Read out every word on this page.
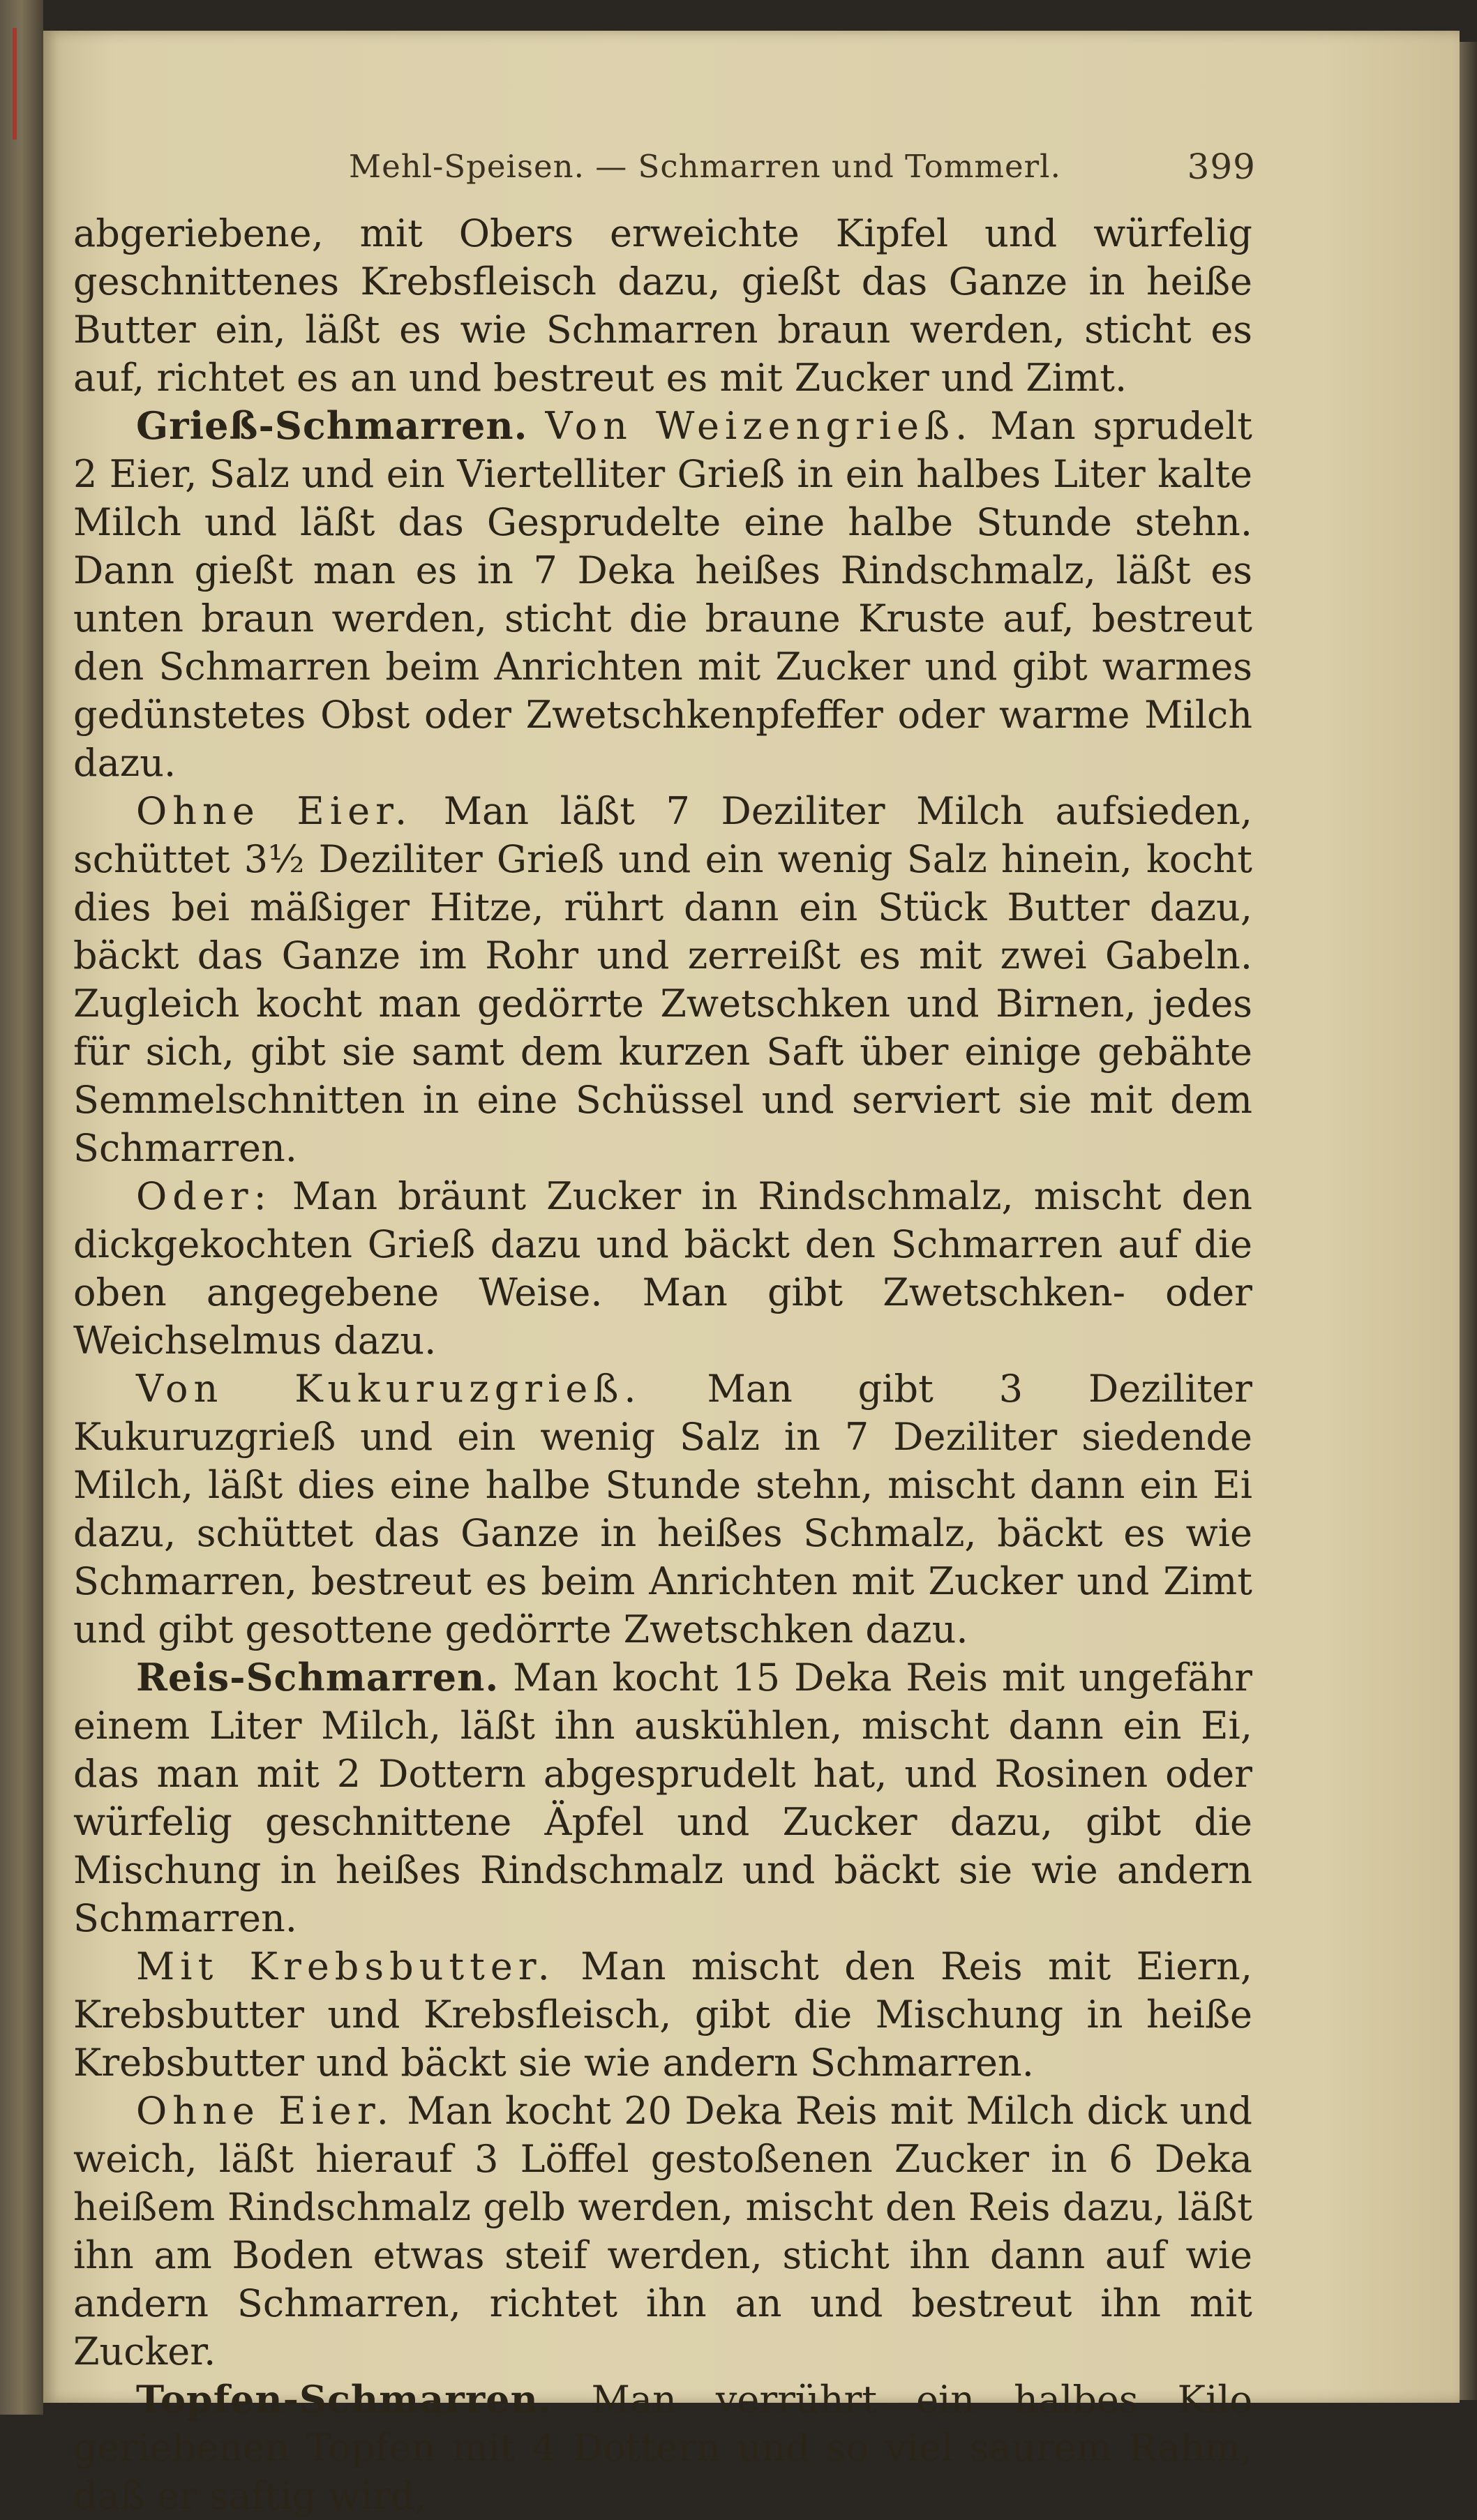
Mehl-Speisen. — Schmarren und Tommerl.	399

abgeriebene, mit Obers erweichte Kipfel und würfelig geschnittenes Krebsfleisch dazu, gießt das Ganze in heiße Butter ein, läßt es wie Schmarren braun werden, sticht es auf, richtet es an und bestreut es mit Zucker und Zimt.

Grieß-Schmarren. Von Weizengrieß. Man sprudelt 2 Eier, Salz und ein Viertelliter Grieß in ein halbes Liter kalte Milch und läßt das Gesprudelte eine halbe Stunde stehn. Dann gießt man es in 7 Deka heißes Rindschmalz, läßt es unten braun werden, sticht die braune Kruste auf, bestreut den Schmarren beim Anrichten mit Zucker und gibt warmes gedünstetes Obst oder Zwetschkenpfeffer oder warme Milch dazu.

Ohne Eier. Man läßt 7 Deziliter Milch aufsieden, schüttet 3½ Deziliter Grieß und ein wenig Salz hinein, kocht dies bei mäßiger Hitze, rührt dann ein Stück Butter dazu, bäckt das Ganze im Rohr und zerreißt es mit zwei Gabeln. Zugleich kocht man gedörrte Zwetschken und Birnen, jedes für sich, gibt sie samt dem kurzen Saft über einige gebähte Semmelschnitten in eine Schüssel und serviert sie mit dem Schmarren.

Oder: Man bräunt Zucker in Rindschmalz, mischt den dickgekochten Grieß dazu und bäckt den Schmarren auf die oben angegebene Weise. Man gibt Zwetschken- oder Weichselmus dazu.

Von Kukuruzgrieß. Man gibt 3 Deziliter Kukuruzgrieß und ein wenig Salz in 7 Deziliter siedende Milch, läßt dies eine halbe Stunde stehn, mischt dann ein Ei dazu, schüttet das Ganze in heißes Schmalz, bäckt es wie Schmarren, bestreut es beim Anrichten mit Zucker und Zimt und gibt gesottene gedörrte Zwetschken dazu.

Reis-Schmarren. Man kocht 15 Deka Reis mit ungefähr einem Liter Milch, läßt ihn auskühlen, mischt dann ein Ei, das man mit 2 Dottern abgesprudelt hat, und Rosinen oder würfelig geschnittene Äpfel und Zucker dazu, gibt die Mischung in heißes Rindschmalz und bäckt sie wie andern Schmarren.

Mit Krebsbutter. Man mischt den Reis mit Eiern, Krebsbutter und Krebsfleisch, gibt die Mischung in heiße Krebsbutter und bäckt sie wie andern Schmarren.

Ohne Eier. Man kocht 20 Deka Reis mit Milch dick und weich, läßt hierauf 3 Löffel gestoßenen Zucker in 6 Deka heißem Rindschmalz gelb werden, mischt den Reis dazu, läßt ihn am Boden etwas steif werden, sticht ihn dann auf wie andern Schmarren, richtet ihn an und bestreut ihn mit Zucker.

Topfen-Schmarren. Man verrührt ein halbes Kilo geriebenen Topfen mit 4 Dottern und so viel saurem Rahm, daß er saftig wird,
